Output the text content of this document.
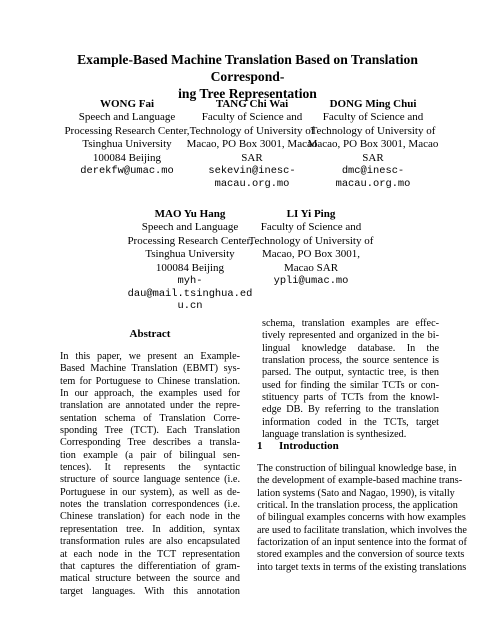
Example-Based Machine Translation Based on Translation Correspond-
ing Tree Representation
WONG Fai
Speech and Language
Processing Research Center,
Tsinghua University
100084 Beijing
derekfw@umac.mo
TANG Chi Wai
Faculty of Science and
Technology of University of
Macao, PO Box 3001, Macao
SAR
sekevin@inesc-
macau.org.mo
DONG Ming Chui
Faculty of Science and
Technology of University of
Macao, PO Box 3001, Macao
SAR
dmc@inesc-
macau.org.mo
MAO Yu Hang
Speech and Language
Processing Research Center,
Tsinghua University
100084 Beijing
myh-
dau@mail.tsinghua.ed
u.cn
LI Yi Ping
Faculty of Science and
Technology of University of
Macao, PO Box 3001,
Macao SAR
ypli@umac.mo
Abstract
In this paper, we present an Example-
Based Machine Translation (EBMT) sys-
tem for Portuguese to Chinese translation.
In our approach, the examples used for
translation are annotated under the repre-
sentation schema of Translation Corre-
sponding Tree (TCT). Each Translation
Corresponding Tree describes a transla-
tion example (a pair of bilingual sen-
tences). It represents the syntactic
structure of source language sentence (i.e.
Portuguese in our system), as well as de-
notes the translation correspondences (i.e.
Chinese translation) for each node in the
representation tree. In addition, syntax
transformation rules are also encapsulated
at each node in the TCT representation
that captures the differentiation of gram-
matical structure between the source and
target languages. With this annotation
schema, translation examples are effec-
tively represented and organized in the bi-
lingual knowledge database. In the
translation process, the source sentence is
parsed. The output, syntactic tree, is then
used for finding the similar TCTs or con-
stituency parts of TCTs from the knowl-
edge DB. By referring to the translation
information coded in the TCTs, target
language translation is synthesized.
1 Introduction
The construction of bilingual knowledge base, in
the development of example-based machine trans-
lation systems (Sato and Nagao, 1990), is vitally
critical. In the translation process, the application
of bilingual examples concerns with how examples
are used to facilitate translation, which involves the
factorization of an input sentence into the format of
stored examples and the conversion of source texts
into target texts in terms of the existing translations
